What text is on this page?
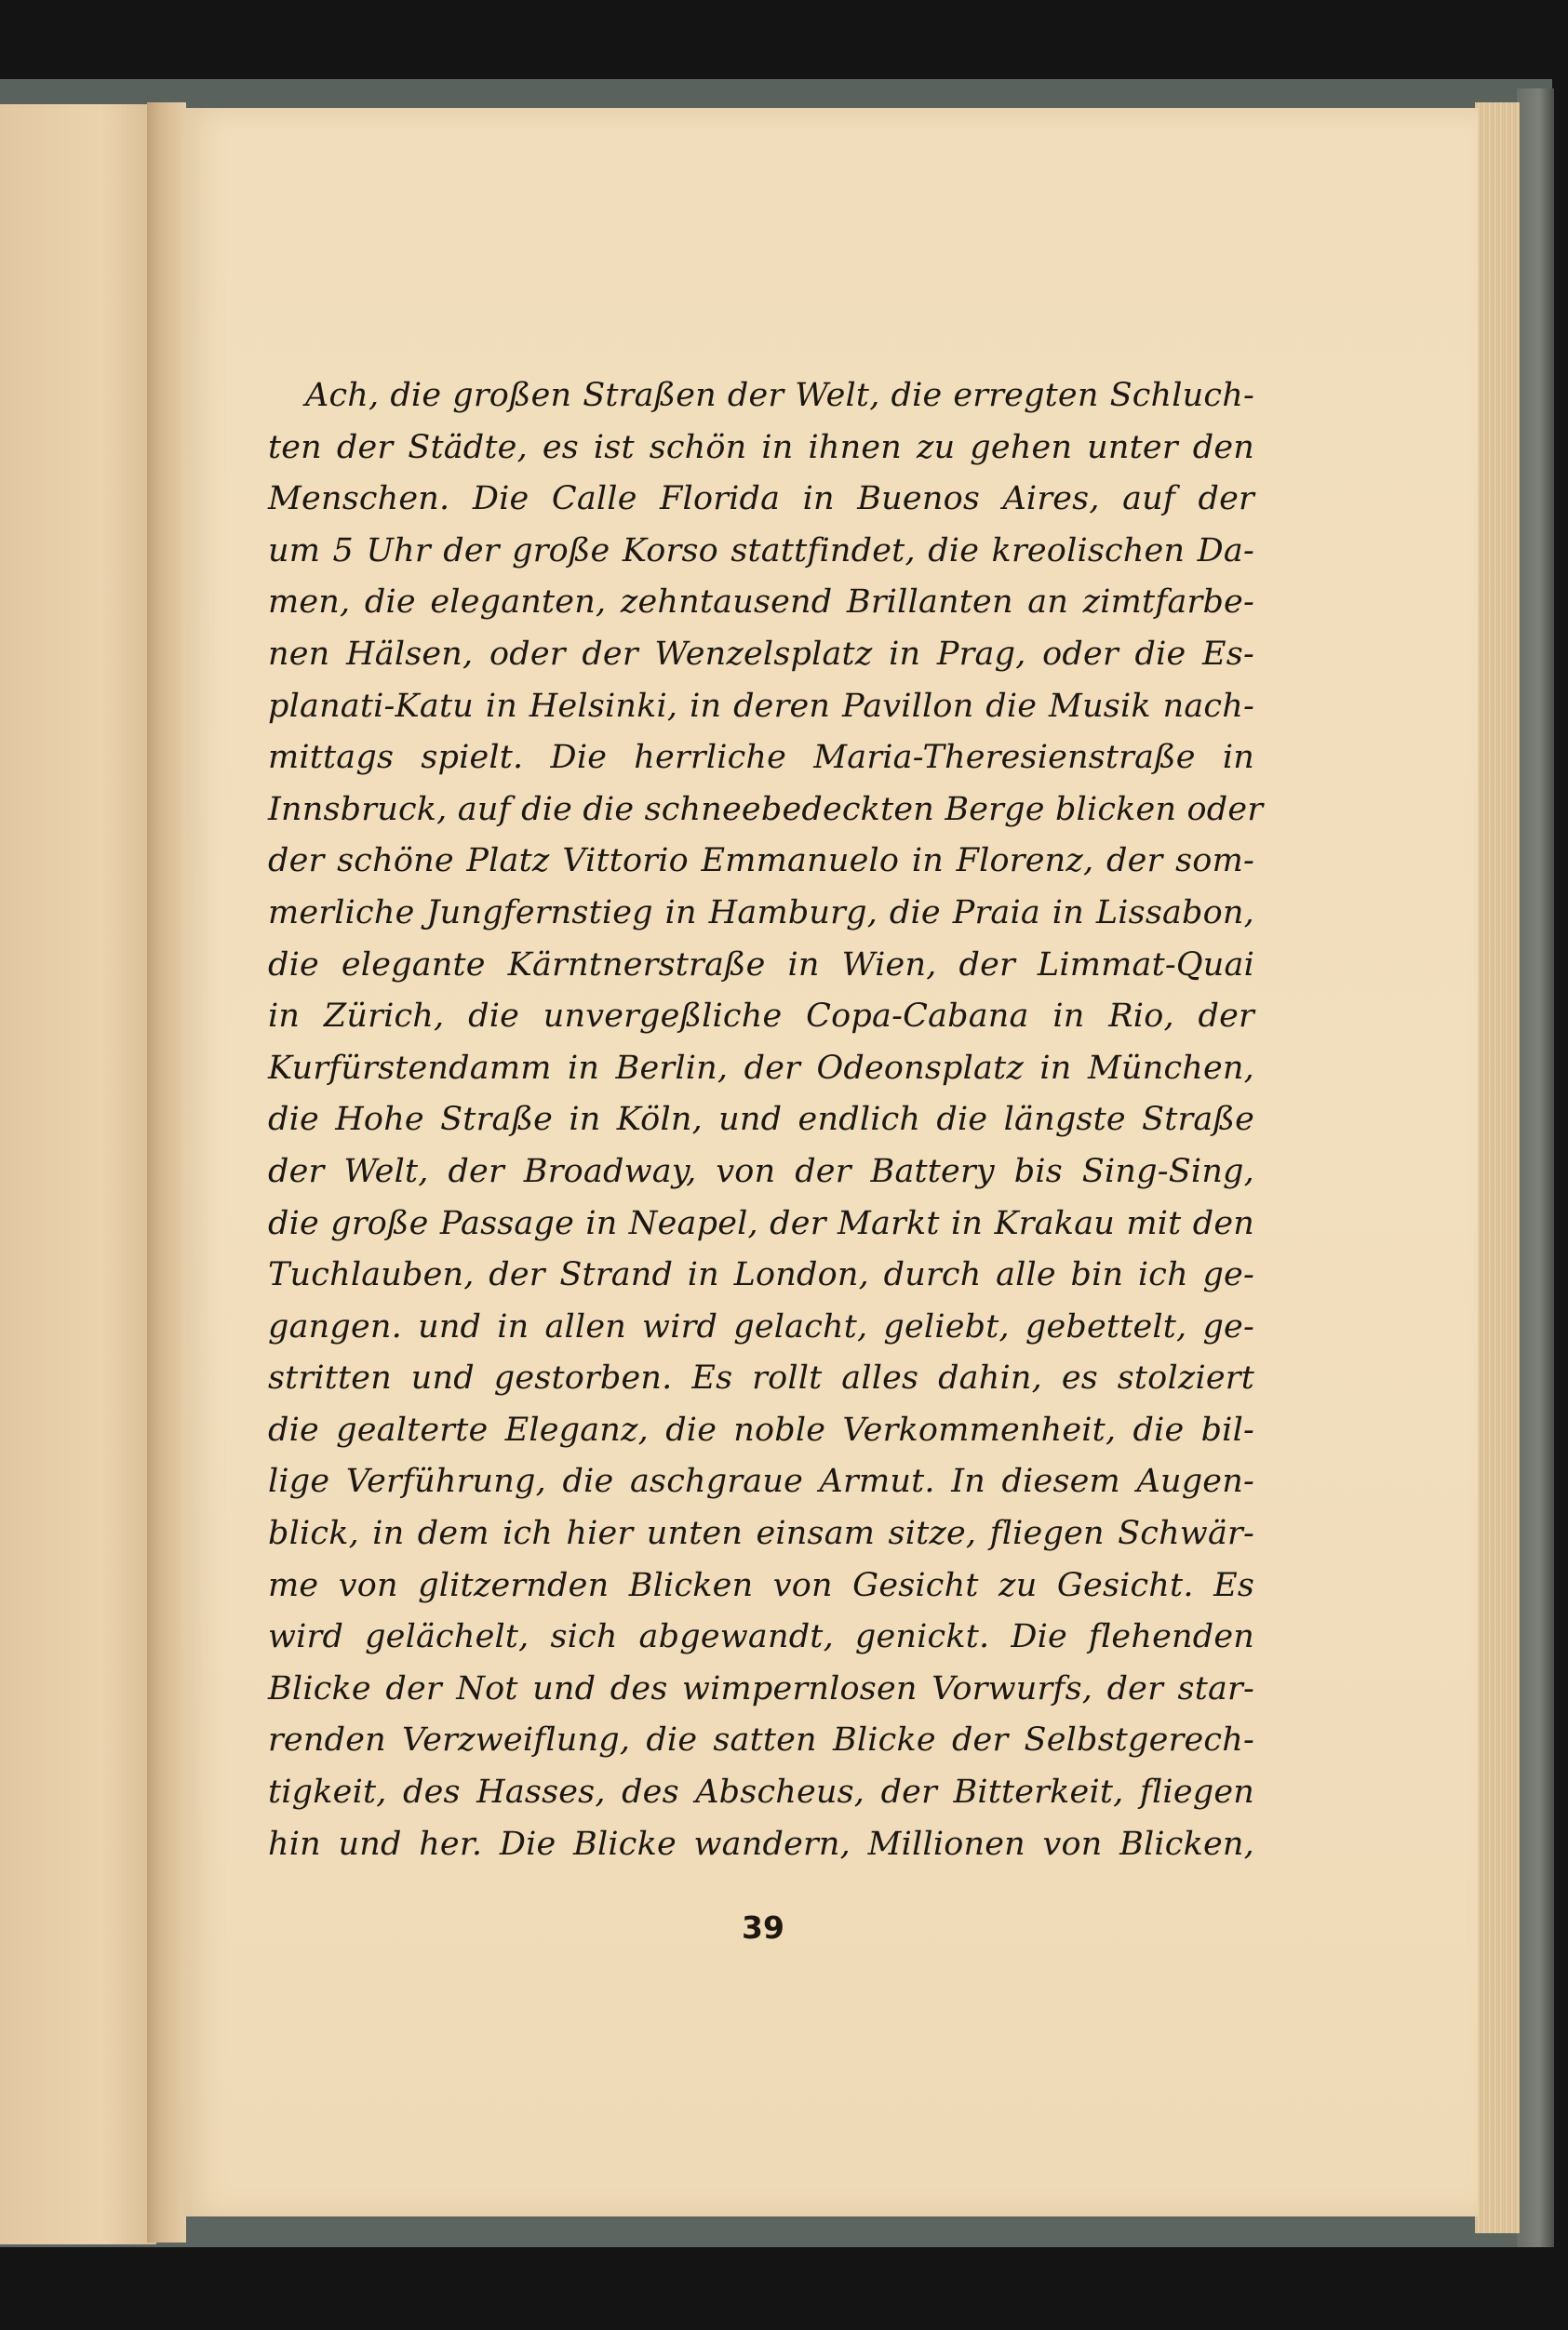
Ach, die großen Straßen der Welt, die erregten Schluch-
ten der Städte, es ist schön in ihnen zu gehen unter den
Menschen. Die Calle Florida in Buenos Aires, auf der
um 5 Uhr der große Korso stattfindet, die kreolischen Da-
men, die eleganten, zehntausend Brillanten an zimtfarbe-
nen Hälsen, oder der Wenzelsplatz in Prag, oder die Es-
planati-Katu in Helsinki, in deren Pavillon die Musik nach-
mittags spielt. Die herrliche Maria-Theresienstraße in
Innsbruck, auf die die schneebedeckten Berge blicken oder
der schöne Platz Vittorio Emmanuelo in Florenz, der som-
merliche Jungfernstieg in Hamburg, die Praia in Lissabon,
die elegante Kärntnerstraße in Wien, der Limmat-Quai
in Zürich, die unvergeßliche Copa-Cabana in Rio, der
Kurfürstendamm in Berlin, der Odeonsplatz in München,
die Hohe Straße in Köln, und endlich die längste Straße
der Welt, der Broadway, von der Battery bis Sing-Sing,
die große Passage in Neapel, der Markt in Krakau mit den
Tuchlauben, der Strand in London, durch alle bin ich ge-
gangen. und in allen wird gelacht, geliebt, gebettelt, ge-
stritten und gestorben. Es rollt alles dahin, es stolziert
die gealterte Eleganz, die noble Verkommenheit, die bil-
lige Verführung, die aschgraue Armut. In diesem Augen-
blick, in dem ich hier unten einsam sitze, fliegen Schwär-
me von glitzernden Blicken von Gesicht zu Gesicht. Es
wird gelächelt, sich abgewandt, genickt. Die flehenden
Blicke der Not und des wimpernlosen Vorwurfs, der star-
renden Verzweiflung, die satten Blicke der Selbstgerech-
tigkeit, des Hasses, des Abscheus, der Bitterkeit, fliegen
hin und her. Die Blicke wandern, Millionen von Blicken,

39
